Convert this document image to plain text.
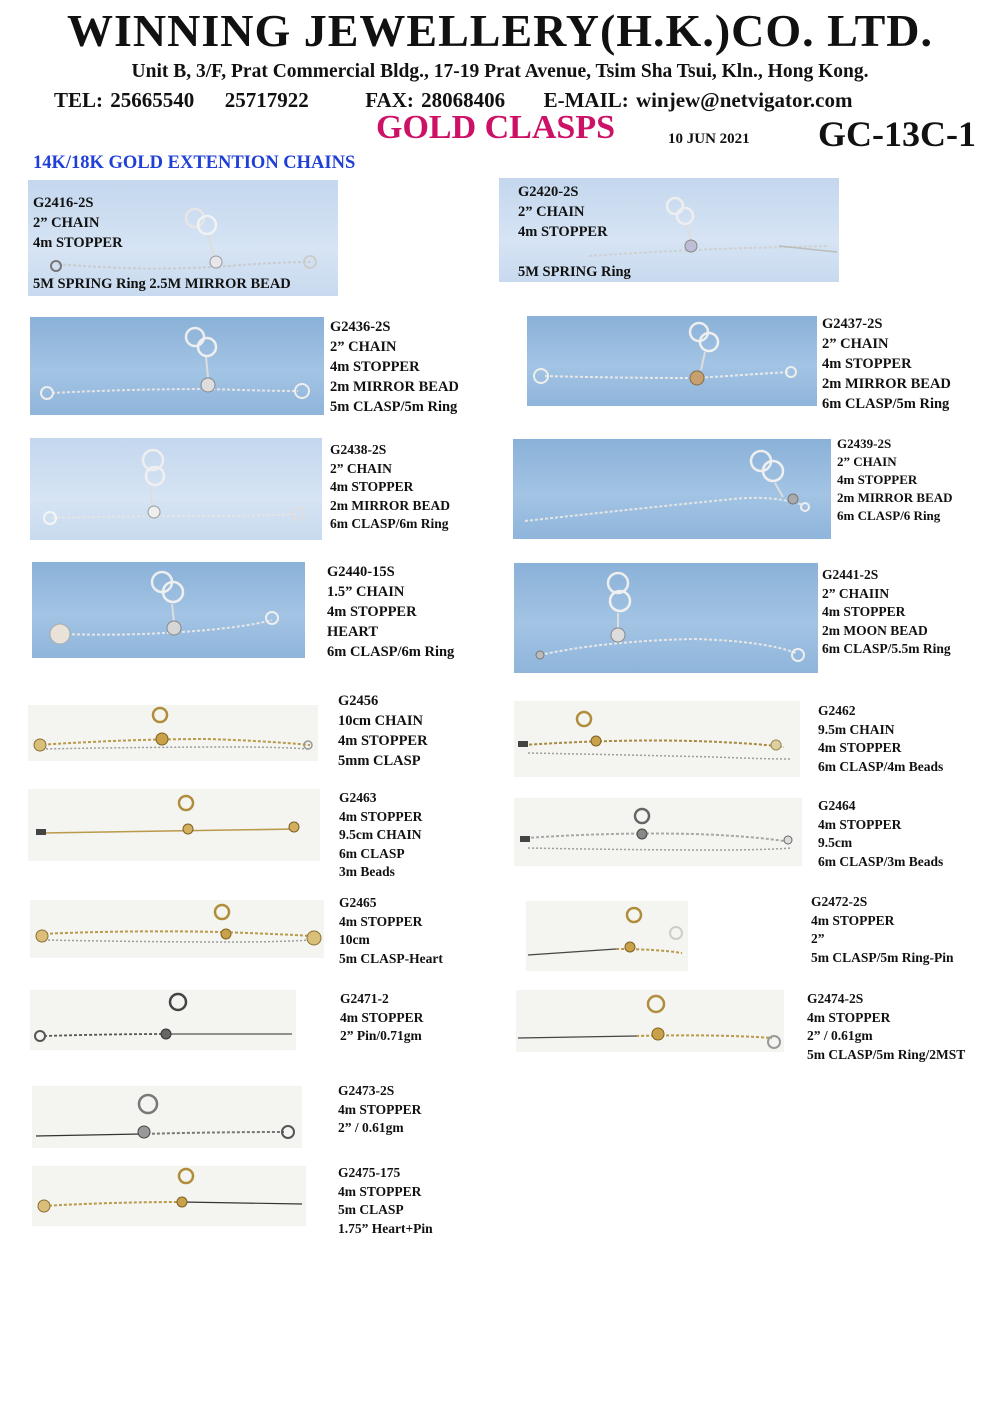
WINNING JEWELLERY(H.K.)CO. LTD.
Unit B, 3/F, Prat Commercial Bldg., 17-19 Prat Avenue, Tsim Sha Tsui, Kln., Hong Kong.
TEL: 25665540 25717922	FAX: 28068406 E-MAIL: winjew@netvigator.com
GOLD CLASPS	10 JUN 2021 GC-13C-1
14K/18K GOLD EXTENTION CHAINS
G2416-2S
2” CHAIN
4m STOPPER
5M SPRING Ring 2.5M MIRROR BEAD
G2420-2S
2” CHAIN
4m STOPPER
5M SPRING Ring
G2436-2S
2” CHAIN
4m STOPPER
2m MIRROR BEAD
5m CLASP/5m Ring
G2437-2S
2” CHAIN
4m STOPPER
2m MIRROR BEAD
6m CLASP/5m Ring
G2438-2S
2” CHAIN
4m STOPPER
2m MIRROR BEAD
6m CLASP/6m Ring
G2439-2S
2” CHAIN
4m STOPPER
2m MIRROR BEAD
6m CLASP/6 Ring
G2440-15S
1.5” CHAIN
4m STOPPER
HEART
6m CLASP/6m Ring
G2441-2S
2” CHAIIN
4m STOPPER
2m MOON BEAD
6m CLASP/5.5m Ring
G2456
10cm CHAIN
4m STOPPER
5mm CLASP
G2462
9.5m CHAIN
4m STOPPER
6m CLASP/4m Beads
G2463
4m STOPPER
9.5cm CHAIN
6m CLASP
3m Beads
G2464
4m STOPPER
9.5cm
6m CLASP/3m Beads
G2465
4m STOPPER
10cm
5m CLASP-Heart
G2472-2S
4m STOPPER
2”
5m CLASP/5m Ring-Pin
G2471-2
4m STOPPER
2” Pin/0.71gm
G2474-2S
4m STOPPER
2” / 0.61gm
5m CLASP/5m Ring/2MST
G2473-2S
4m STOPPER
2” / 0.61gm
G2475-175
4m STOPPER
5m CLASP
1.75” Heart+Pin
